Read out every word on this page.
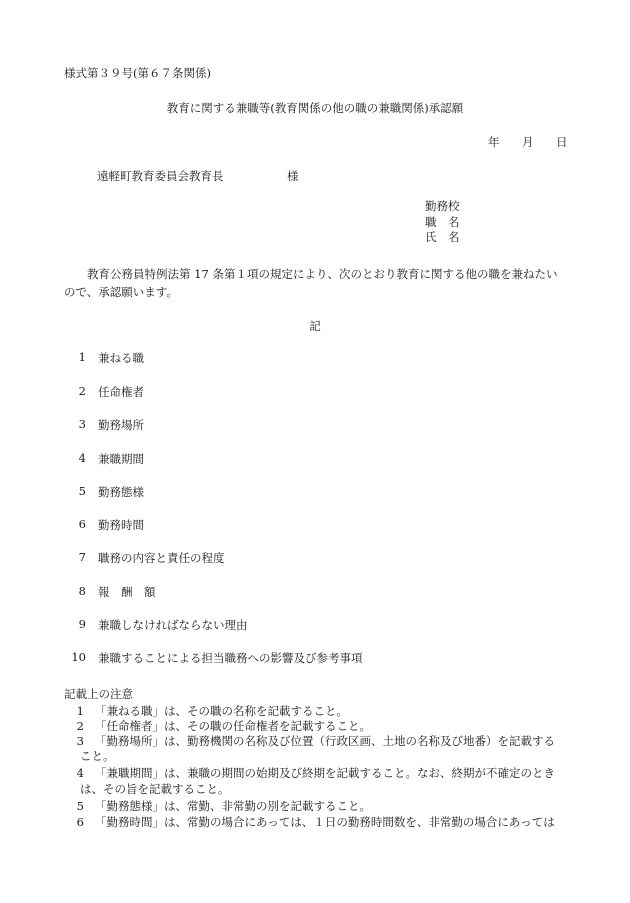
様式第３９号(第６７条関係)
教育に関する兼職等(教育関係の他の職の兼職関係)承認願
年 月 日
遠軽町教育委員会教育長	様
勤務校
職　名
氏　名
教育公務員特例法第 17 条第１項の規定により、次のとおり教育に関する他の職を兼ねたいので、承認願います。
記
1 兼ねる職
2 任命権者
3 勤務場所
4 兼職期間
5 勤務態様
6 勤務時間
7 職務の内容と責任の程度
8 報　酬　額
9 兼職しなければならない理由
10 兼職することによる担当職務への影響及び参考事項
記載上の注意
1 「兼ねる職」は、その職の名称を記載すること。
2 「任命権者」は、その職の任命権者を記載すること。
3 「勤務場所」は、勤務機関の名称及び位置（行政区画、土地の名称及び地番）を記載する
こと。
4 「兼職期間」は、兼職の期間の始期及び終期を記載すること。なお、終期が不確定のとき
は、その旨を記載すること。
5 「勤務態様」は、常勤、非常勤の別を記載すること。
6 「勤務時間」は、常勤の場合にあっては、１日の勤務時間数を、非常勤の場合にあっては
